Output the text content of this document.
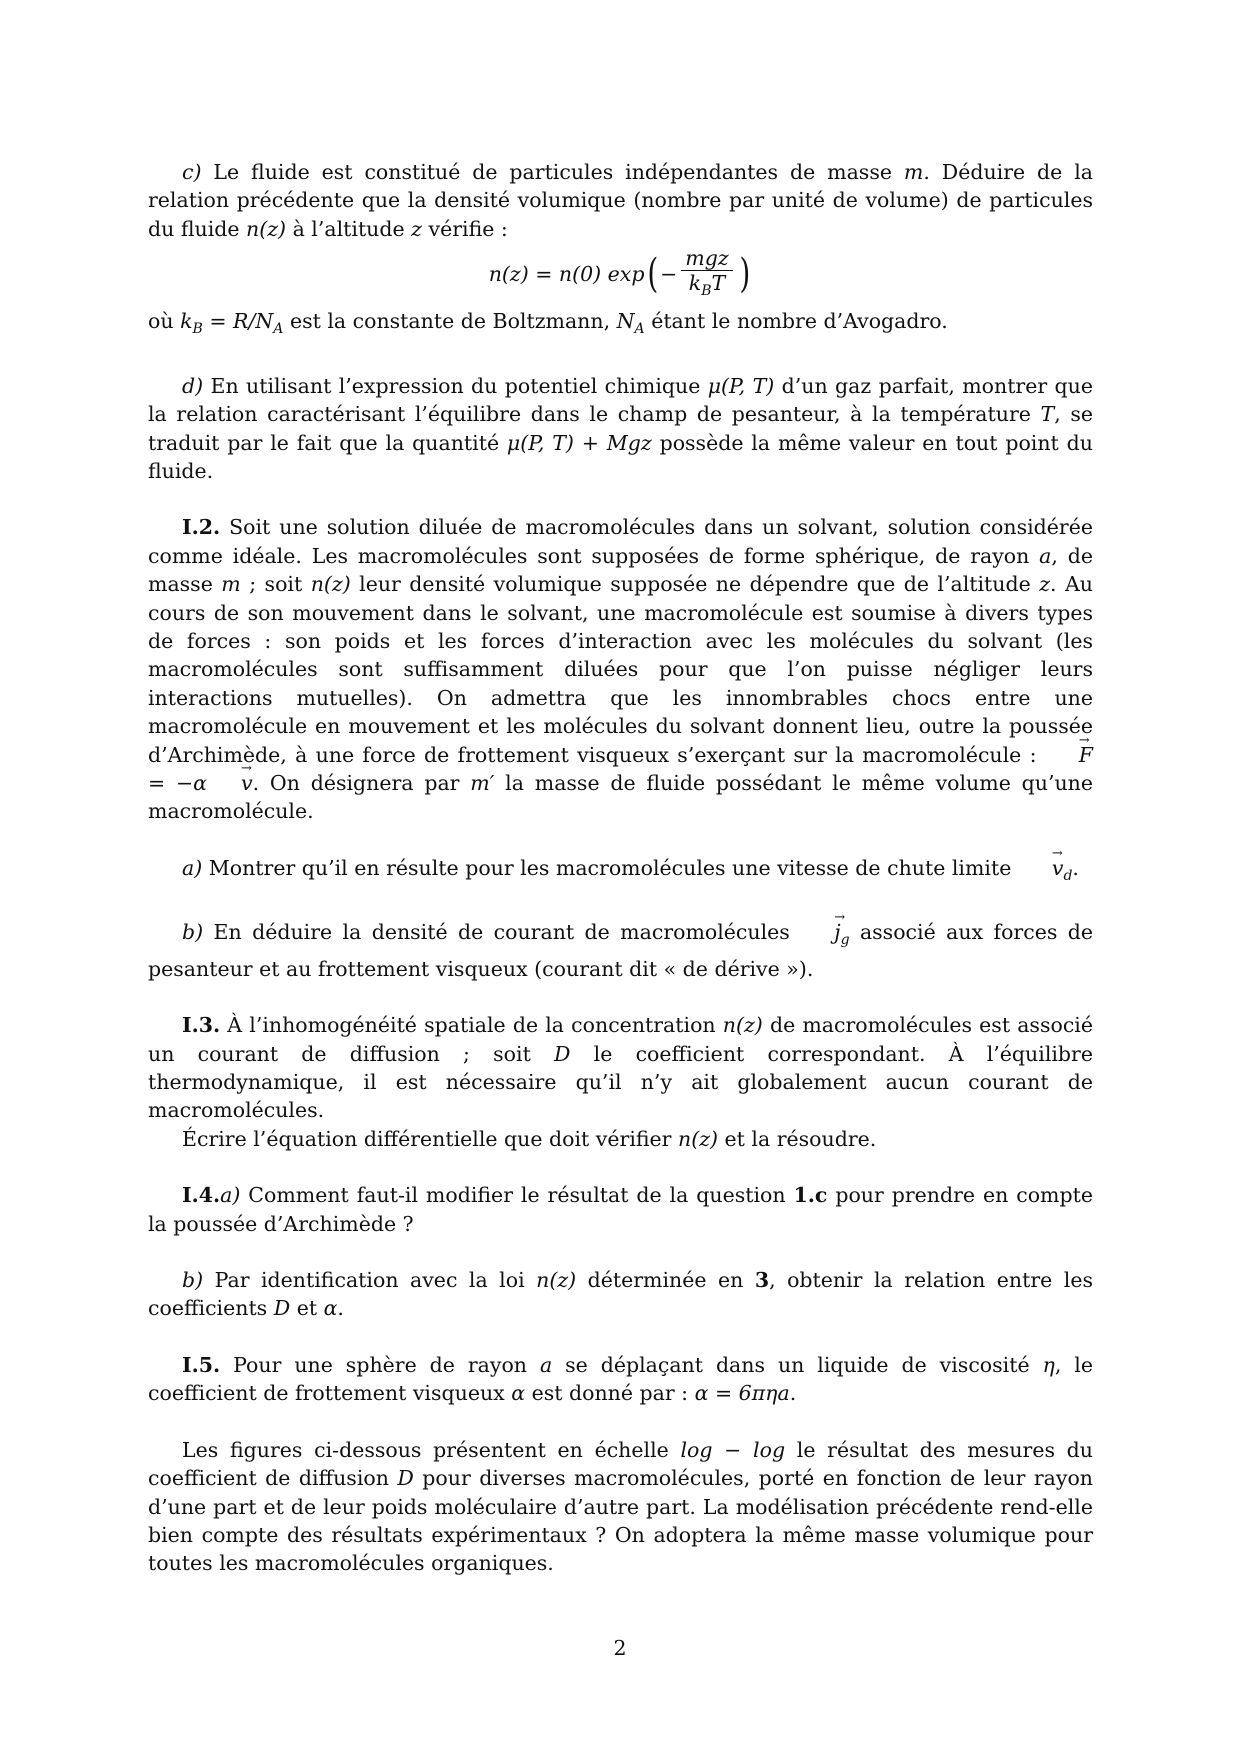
c) Le fluide est constitué de particules indépendantes de masse m. Déduire de la relation précédente que la densité volumique (nombre par unité de volume) de particules du fluide n(z) à l’altitude z vérifie :

n(z) = n(0) exp ( − $\frac{\text{mgz}}{k_BT}$ )

où $k_B = R/N_A$ est la constante de Boltzmann, $N_A$ étant le nombre d’Avogadro.

d) En utilisant l’expression du potentiel chimique μ(P, T) d’un gaz parfait, montrer que la relation caractérisant l’équilibre dans le champ de pesanteur, à la température T, se traduit par le fait que la quantité μ(P, T) + Mgz possède la même valeur en tout point du fluide.

I.2. Soit une solution diluée de macromolécules dans un solvant, solution considérée comme idéale. Les macromolécules sont supposées de forme sphérique, de rayon a, de masse m ; soit n(z) leur densité volumique supposée ne dépendre que de l’altitude z. Au cours de son mouvement dans le solvant, une macromolécule est soumise à divers types de forces : son poids et les forces d’interaction avec les molécules du solvant (les macromolécules sont suffisamment diluées pour que l’on puisse négliger leurs interactions mutuelles). On admettra que les innombrables chocs entre une macromolécule en mouvement et les molécules du solvant donnent lieu, outre la poussée d’Archimède, à une force de frottement visqueux s’exerçant sur la macromolécule : → F = −α→ v. On désignera par m′ la masse de fluide possédant le même volume qu’une macromolécule.

a) Montrer qu’il en résulte pour les macromolécules une vitesse de chute limite → $v_d$.

b) En déduire la densité de courant de macromolécules → $j_g$ associé aux forces de pesanteur et au frottement visqueux (courant dit « de dérive »).

I.3. À l’inhomogénéité spatiale de la concentration n(z) de macromolécules est associé un courant de diffusion ; soit D le coefficient correspondant. À l’équilibre thermodynamique, il est nécessaire qu’il n’y ait globalement aucun courant de macromolécules.

Écrire l’équation différentielle que doit vérifier n(z) et la résoudre.

I.4.a) Comment faut-il modifier le résultat de la question 1.c pour prendre en compte la poussée d’Archimède ?

b) Par identification avec la loi n(z) déterminée en 3, obtenir la relation entre les coefficients D et α.

I.5. Pour une sphère de rayon a se déplaçant dans un liquide de viscosité η, le coefficient de frottement visqueux α est donné par : α = 6πηa.

Les figures ci-dessous présentent en échelle log − log le résultat des mesures du coefficient de diffusion D pour diverses macromolécules, porté en fonction de leur rayon d’une part et de leur poids moléculaire d’autre part. La modélisation précédente rend-elle bien compte des résultats expérimentaux ? On adoptera la même masse volumique pour toutes les macromolécules organiques.

2
